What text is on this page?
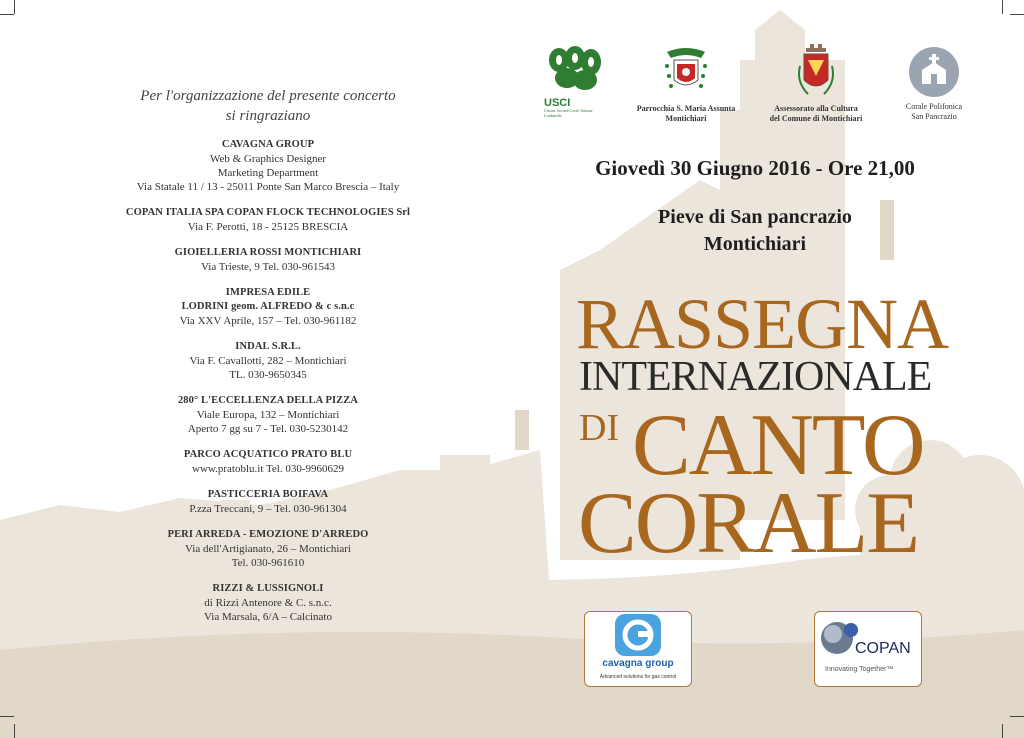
Per l'organizzazione del presente concerto
si ringraziano
CAVAGNA GROUP
Web & Graphics Designer
Marketing Department
Via Statale 11 / 13 - 25011 Ponte San Marco Brescia – Italy
COPAN ITALIA SPA COPAN FLOCK TECHNOLOGIES Srl
Via F. Perotti, 18 - 25125 BRESCIA
GIOIELLERIA ROSSI MONTICHIARI
Via Trieste, 9 Tel. 030-961543
IMPRESA EDILE
LODRINI geom. ALFREDO & c s.n.c
Via XXV Aprile, 157 – Tel. 030-961182
INDAL S.R.L.
Via F. Cavallotti, 282 – Montichiari
TL. 030-9650345
280° L'ECCELLENZA DELLA PIZZA
Viale Europa, 132 – Montichiari
Aperto 7 gg su 7 - Tel. 030-5230142
PARCO ACQUATICO PRATO BLU
www.pratoblu.it Tel. 030-9960629
PASTICCERIA BOIFAVA
P.zza Treccani, 9 – Tel. 030-961304
PERI ARREDA - EMOZIONE D'ARREDO
Via dell'Artigianato, 26 – Montichiari
Tel. 030-961610
RIZZI & LUSSIGNOLI
di Rizzi Antenore & C. s.n.c.
Via Marsala, 6/A – Calcinato
USCI
Unione Società Corali Italiane
Lombardia
Parrocchia S. Maria Assunta
Montichiari
Assessorato alla Cultura
del Comune di Montichiari
Corale Polifonica
San Pancrazio
Giovedì 30 Giugno 2016 - Ore 21,00
Pieve di San pancrazio
Montichiari
RASSEGNA
INTERNAZIONALE
DI CANTO
CORALE
cavagna group
Advanced solutions for gas control
COPAN
Innovating Together™
